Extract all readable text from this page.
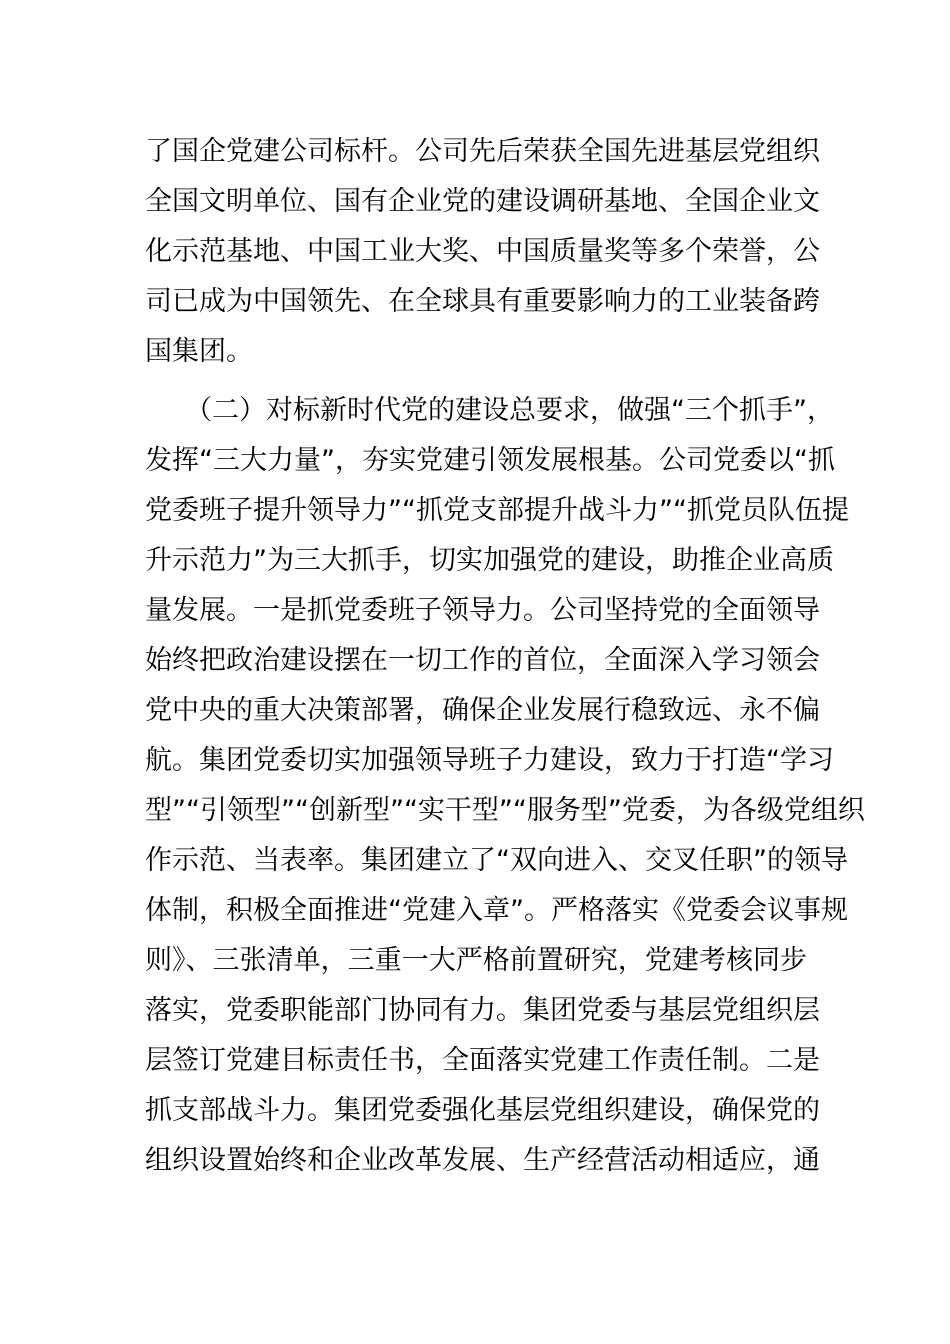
了国企党建公司标杆。公司先后荣获全国先进基层党组织
全国文明单位、国有企业党的建设调研基地、全国企业文
化示范基地、中国工业大奖、中国质量奖等多个荣誉，公
司已成为中国领先、在全球具有重要影响力的工业装备跨
国集团。
（二）对标新时代党的建设总要求，做强“三个抓手”，
发挥“三大力量”，夯实党建引领发展根基。公司党委以“抓
党委班子提升领导力”“抓党支部提升战斗力”“抓党员队伍提
升示范力”为三大抓手，切实加强党的建设，助推企业高质
量发展。一是抓党委班子领导力。公司坚持党的全面领导
始终把政治建设摆在一切工作的首位，全面深入学习领会
党中央的重大决策部署，确保企业发展行稳致远、永不偏
航。集团党委切实加强领导班子力建设，致力于打造“学习
型”“引领型”“创新型”“实干型”“服务型”党委，为各级党组织
作示范、当表率。集团建立了“双向进入、交叉任职”的领导
体制，积极全面推进“党建入章”。严格落实《党委会议事规
则》、三张清单，三重一大严格前置研究，党建考核同步
落实，党委职能部门协同有力。集团党委与基层党组织层
层签订党建目标责任书，全面落实党建工作责任制。二是
抓支部战斗力。集团党委强化基层党组织建设，确保党的
组织设置始终和企业改革发展、生产经营活动相适应，通
